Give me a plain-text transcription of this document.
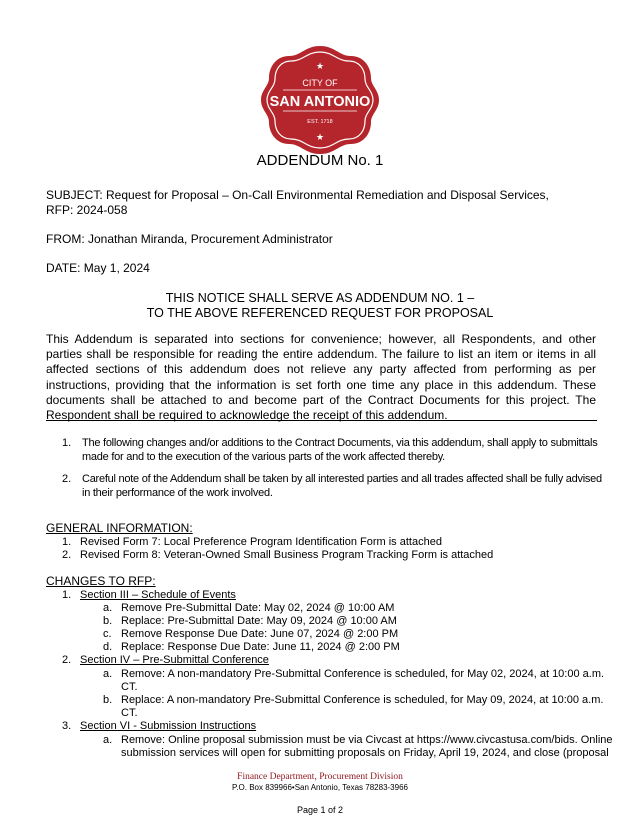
★
CITY OF
SAN ANTONIO
EST. 1718
★
ADDENDUM No. 1
SUBJECT: Request for Proposal – On-Call Environmental Remediation and Disposal Services,
RFP: 2024-058
FROM: Jonathan Miranda, Procurement Administrator
DATE: May 1, 2024
THIS NOTICE SHALL SERVE AS ADDENDUM NO. 1 –
TO THE ABOVE REFERENCED REQUEST FOR PROPOSAL
This Addendum is separated into sections for convenience; however, all Respondents, and other parties shall be responsible for reading the entire addendum. The failure to list an item or items in all affected sections of this addendum does not relieve any party affected from performing as per instructions, providing that the information is set forth one time any place in this addendum. These documents shall be attached to and become part of the Contract Documents for this project. The Respondent shall be required to acknowledge the receipt of this addendum.
1. The following changes and/or additions to the Contract Documents, via this addendum, shall apply to submittals made for and to the execution of the various parts of the work affected thereby.
2. Careful note of the Addendum shall be taken by all interested parties and all trades affected shall be fully advised in their performance of the work involved.
GENERAL INFORMATION:
1. Revised Form 7: Local Preference Program Identification Form is attached
2. Revised Form 8: Veteran-Owned Small Business Program Tracking Form is attached
CHANGES TO RFP:
1. Section III – Schedule of Events
a. Remove Pre-Submittal Date: May 02, 2024 @ 10:00 AM
b. Replace: Pre-Submittal Date: May 09, 2024 @ 10:00 AM
c. Remove Response Due Date: June 07, 2024 @ 2:00 PM
d. Replace: Response Due Date: June 11, 2024 @ 2:00 PM
2. Section IV – Pre-Submittal Conference
a. Remove: A non-mandatory Pre-Submittal Conference is scheduled, for May 02, 2024, at 10:00 a.m.
CT.
b. Replace: A non-mandatory Pre-Submittal Conference is scheduled, for May 09, 2024, at 10:00 a.m.
CT.
3. Section VI - Submission Instructions
a. Remove: Online proposal submission must be via Civcast at https://www.civcastusa.com/bids. Online
submission services will open for submitting proposals on Friday, April 19, 2024, and close (proposal
Finance Department, Procurement Division
P.O. Box 839966•San Antonio, Texas 78283-3966
Page 1 of 2
